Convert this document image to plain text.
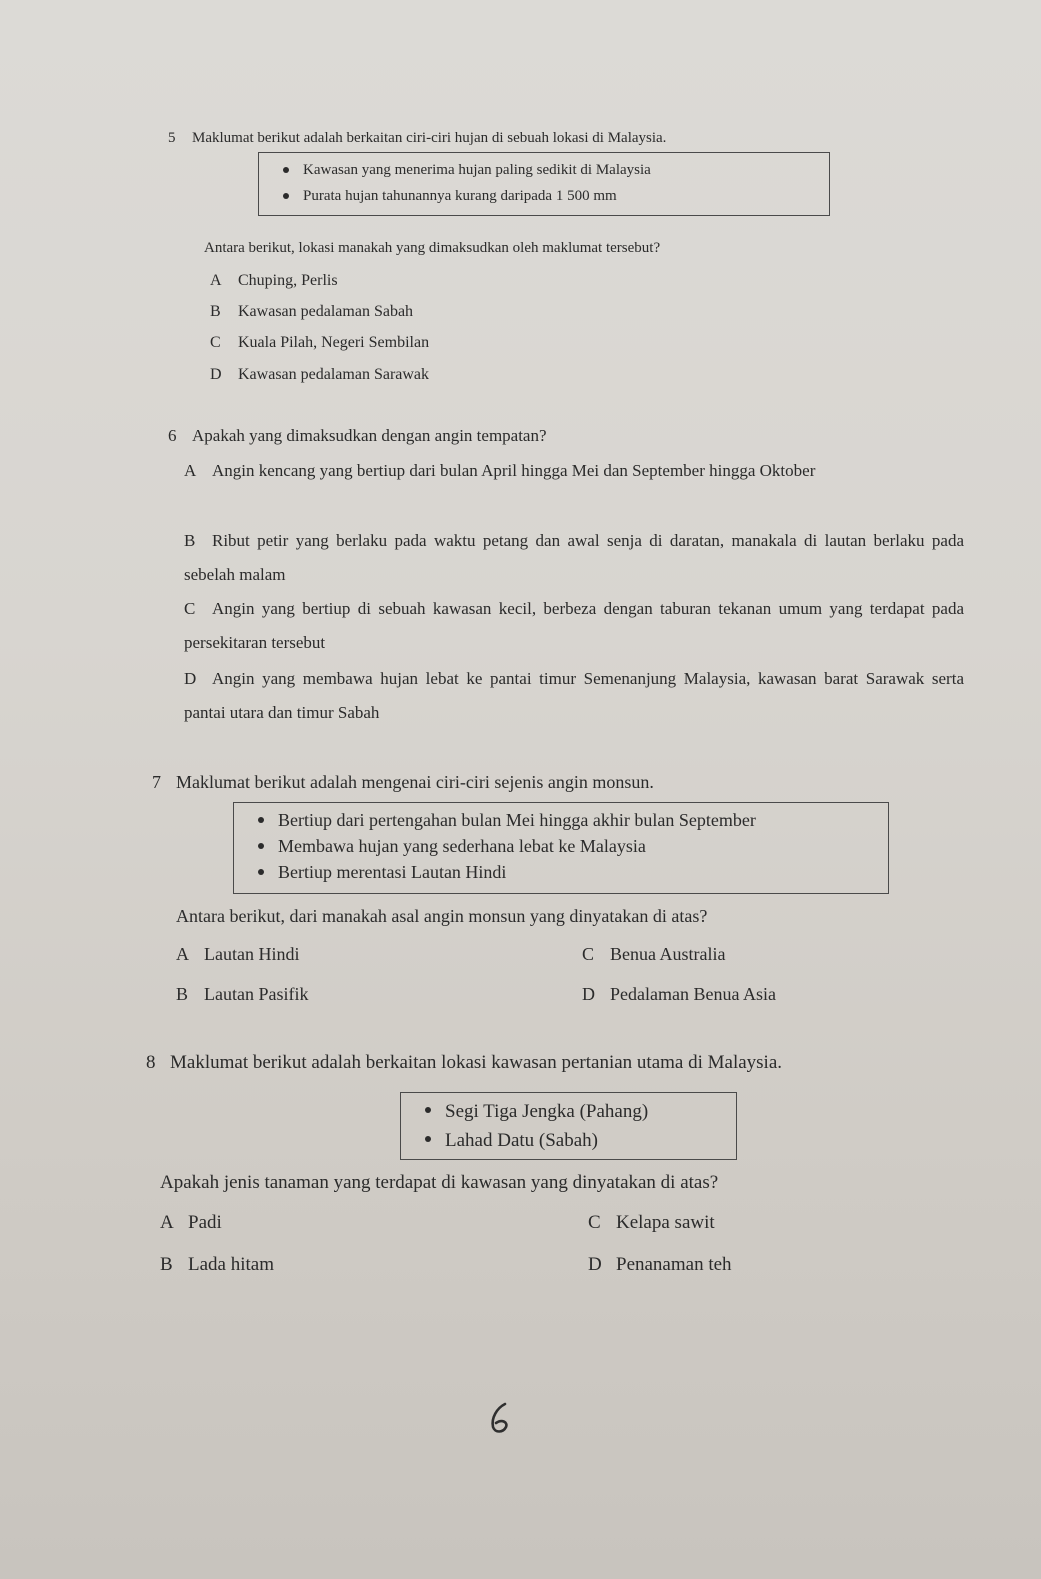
5 Maklumat berikut adalah berkaitan ciri-ciri hujan di sebuah lokasi di Malaysia.
Kawasan yang menerima hujan paling sedikit di Malaysia
Purata hujan tahunannya kurang daripada 1 500 mm
Antara berikut, lokasi manakah yang dimaksudkan oleh maklumat tersebut?
A Chuping, Perlis
B Kawasan pedalaman Sabah
C Kuala Pilah, Negeri Sembilan
D Kawasan pedalaman Sarawak
6 Apakah yang dimaksudkan dengan angin tempatan?
A Angin kencang yang bertiup dari bulan April hingga Mei dan September hingga Oktober
B Ribut petir yang berlaku pada waktu petang dan awal senja di daratan, manakala di lautan berlaku pada sebelah malam
C Angin yang bertiup di sebuah kawasan kecil, berbeza dengan taburan tekanan umum yang terdapat pada persekitaran tersebut
D Angin yang membawa hujan lebat ke pantai timur Semenanjung Malaysia, kawasan barat Sarawak serta pantai utara dan timur Sabah
7 Maklumat berikut adalah mengenai ciri-ciri sejenis angin monsun.
Bertiup dari pertengahan bulan Mei hingga akhir bulan September
Membawa hujan yang sederhana lebat ke Malaysia
Bertiup merentasi Lautan Hindi
Antara berikut, dari manakah asal angin monsun yang dinyatakan di atas?
A Lautan Hindi
B Lautan Pasifik
C Benua Australia
D Pedalaman Benua Asia
8 Maklumat berikut adalah berkaitan lokasi kawasan pertanian utama di Malaysia.
Segi Tiga Jengka (Pahang)
Lahad Datu (Sabah)
Apakah jenis tanaman yang terdapat di kawasan yang dinyatakan di atas?
A Padi
B Lada hitam
C Kelapa sawit
D Penanaman teh
